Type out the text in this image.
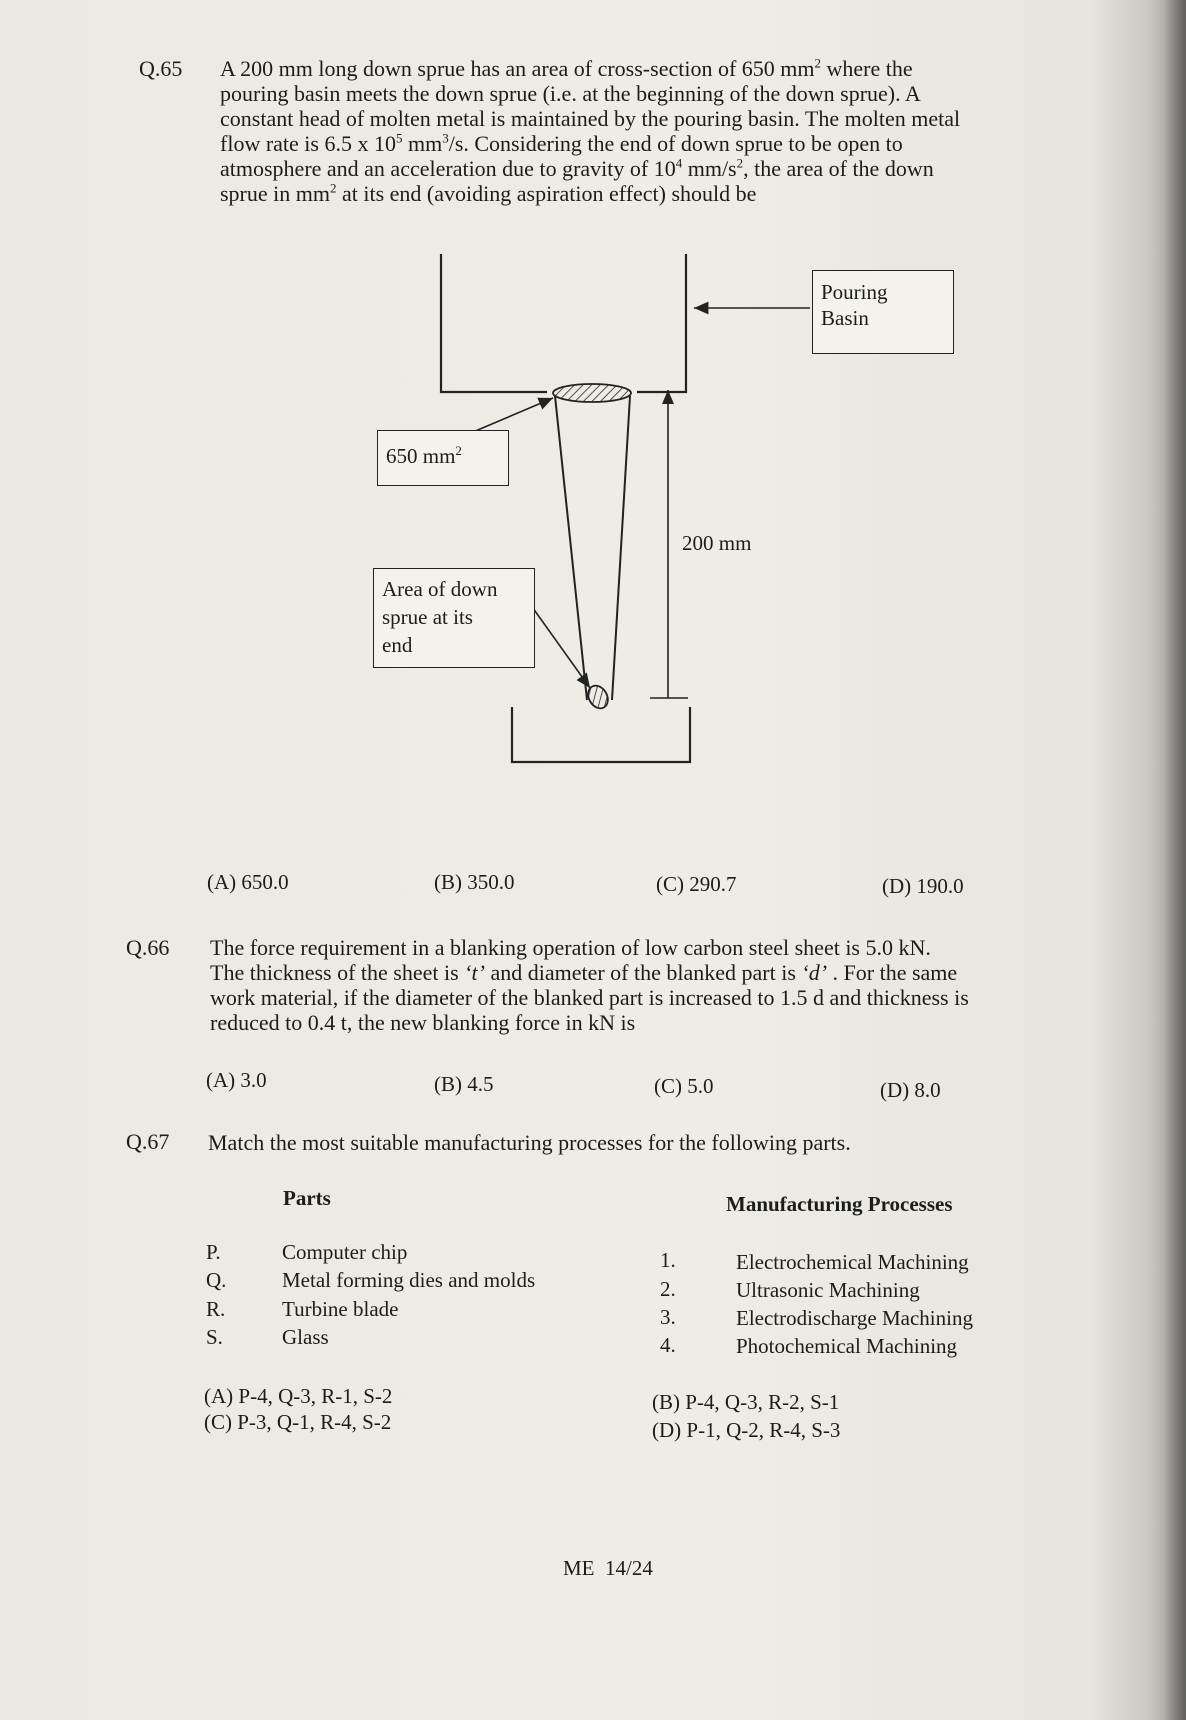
Q.65 A 200 mm long down sprue has an area of cross-section of 650 $mm^2$ where the
pouring basin meets the down sprue (i.e. at the beginning of the down sprue). A
constant head of molten metal is maintained by the pouring basin. The molten metal
flow rate is 6.5 x $10^5$ $mm^3/s$. Considering the end of down sprue to be open to
atmosphere and an acceleration due to gravity of $10^4$ $mm/s^2$, the area of the down
sprue in $mm^2$ at its end (avoiding aspiration effect) should be
Pouring
Basin
650 $mm^2$
200 mm
Area of down
sprue at its
end
(A) 650.0	(B) 350.0	(C) 290.7	(D) 190.0
Q.66 The force requirement in a blanking operation of low carbon steel sheet is 5.0 kN.
The thickness of the sheet is ‘t’ and diameter of the blanked part is ‘d’ . For the same
work material, if the diameter of the blanked part is increased to 1.5 d and thickness is
reduced to 0.4 t, the new blanking force in kN is
(A) 3.0	(B) 4.5	(C) 5.0	(D) 8.0
Q.67 Match the most suitable manufacturing processes for the following parts.
Parts	Manufacturing Processes
P.	Computer chip
Q.	Metal forming dies and molds
R.	Turbine blade
S.	Glass
1.	Electrochemical Machining
2.	Ultrasonic Machining
3.	Electrodischarge Machining
4.	Photochemical Machining
(A) P-4, Q-3, R-1, S-2
(C) P-3, Q-1, R-4, S-2
(B) P-4, Q-3, R-2, S-1
(D) P-1, Q-2, R-4, S-3
ME  14/24
